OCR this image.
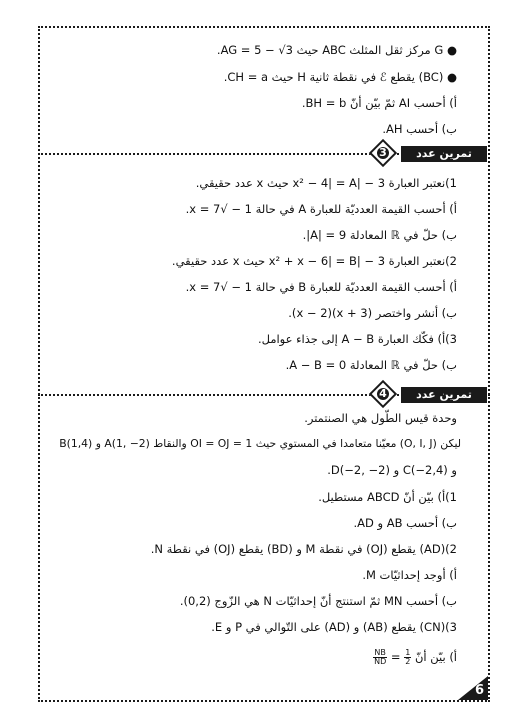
تمرين عدد
3
تمرين عدد
4
● G مركز ثقل المثلث ABC حيث AG = 5 − √3.
● (BC) يقطع ℰ في نقطة ثانية H حيث CH = a.
أ) أحسب AI ثمّ بيّن أنّ BH = b.
ب) أحسب AH.
1)نعتبر العبارة 3 − |x² − 4| = A حيث x عدد حقيقي.
أ) أحسب القيمة العدديّة للعبارة A في حالة 1 − √7 = x.
ب) حلّ في ℝ المعادلة 9 = |A|.
2)نعتبر العبارة 3 − |x² + x − 6| = B حيث x عدد حقيقي.
أ) أحسب القيمة العدديّة للعبارة B في حالة 1 − √7 = x.
ب) أنشر واختصر (x + 3)(x − 2).
3)أ) فكّك العبارة A − B إلى جذاء عوامل.
ب) حلّ في ℝ المعادلة A − B = 0.
وحدة قيس الطّول هي الصنتمتر.
ليكن (O, I, J) معيّنا متعامدا في المستوي حيث OI = OJ = 1 والنقاط A(1, −2) و B(1,4)
و C(−2,4) و D(−2, −2).
1)أ) بيّن أنّ ABCD مستطيل.
ب) أحسب AB و AD.
2)(AD) يقطع (OJ) في نقطة M و (BD) يقطع (OJ) في نقطة N.
أ) أوجد إحداثيّات M.
ب) أحسب MN ثمّ استنتج أنّ إحداثيّات N هي الزّوج (0,2).
3)(CN) يقطع (AB) و (AD) على التّوالي في P و E.
أ) بيّن أنّ
$\frac{1}{2}$
=
$\frac{NB}{ND}$
6
